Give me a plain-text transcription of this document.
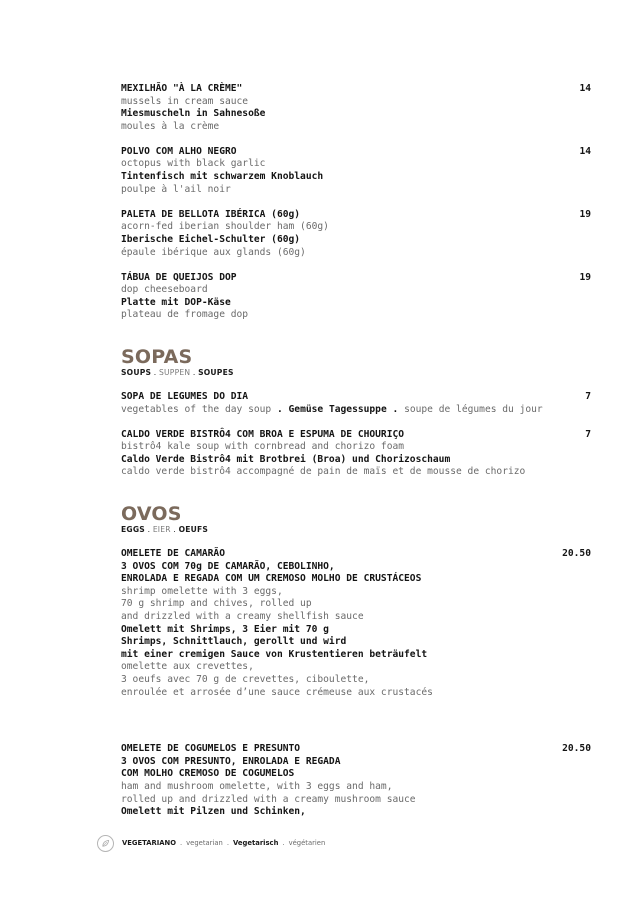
MEXILHÃO "À LA CRÈME"
mussels in cream sauce
Miesmuscheln in Sahnesoße
moules à la crème
14
POLVO COM ALHO NEGRO
octopus with black garlic
Tintenfisch mit schwarzem Knoblauch
poulpe à l'ail noir
14
PALETA DE BELLOTA IBÉRICA (60g)
acorn-fed iberian shoulder ham (60g)
Iberische Eichel-Schulter (60g)
épaule ibérique aux glands (60g)
19
TÁBUA DE QUEIJOS DOP
dop cheeseboard
Platte mit DOP-Käse
plateau de fromage dop
19
SOPAS
SOUPS . SUPPEN . SOUPES
SOPA DE LEGUMES DO DIA
vegetables of the day soup . Gemüse Tagessuppe . soupe de légumes du jour
7
CALDO VERDE BISTRÔ4 COM BROA E ESPUMA DE CHOURIÇO
bistrô4 kale soup with cornbread and chorizo foam
Caldo Verde Bistrô4 mit Brotbrei (Broa) und Chorizoschaum
caldo verde bistrô4 accompagné de pain de maïs et de mousse de chorizo
7
OVOS
EGGS . EIER . OEUFS
OMELETE DE CAMARÃO
3 OVOS COM 70g DE CAMARÃO, CEBOLINHO,
ENROLADA E REGADA COM UM CREMOSO MOLHO DE CRUSTÁCEOS
shrimp omelette with 3 eggs,
70 g shrimp and chives, rolled up
and drizzled with a creamy shellfish sauce
Omelett mit Shrimps, 3 Eier mit 70 g
Shrimps, Schnittlauch, gerollt und wird
mit einer cremigen Sauce von Krustentieren beträufelt
omelette aux crevettes,
3 oeufs avec 70 g de crevettes, ciboulette,
enroulée et arrosée d’une sauce crémeuse aux crustacés
20.50
OMELETE DE COGUMELOS E PRESUNTO
3 OVOS COM PRESUNTO, ENROLADA E REGADA
COM MOLHO CREMOSO DE COGUMELOS
ham and mushroom omelette, with 3 eggs and ham,
rolled up and drizzled with a creamy mushroom sauce
Omelett mit Pilzen und Schinken,
20.50
VEGETARIANO . vegetarian . Vegetarisch . végétarien
